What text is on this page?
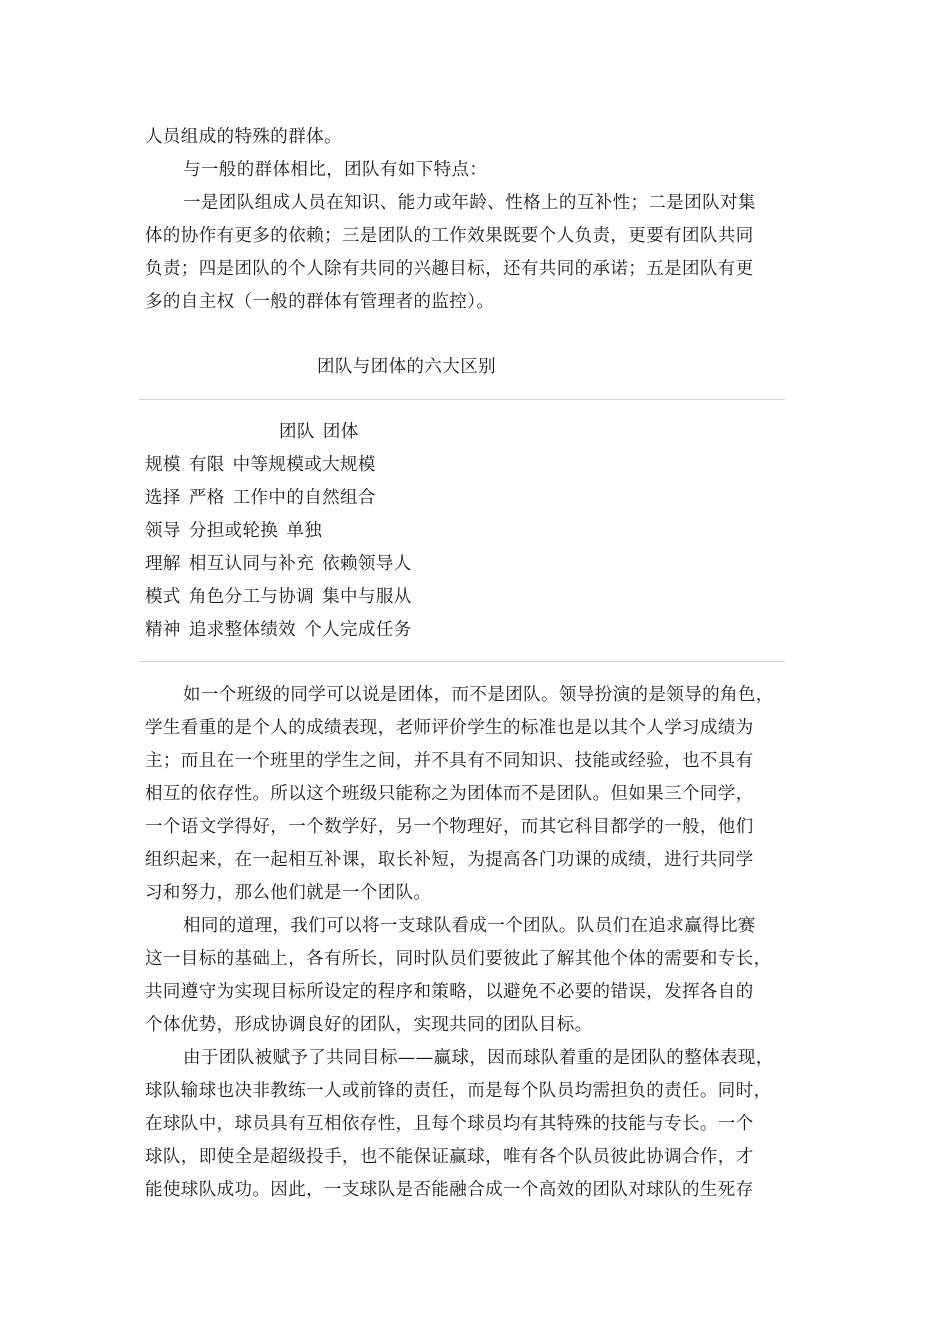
人员组成的特殊的群体。
与一般的群体相比，团队有如下特点：
一是团队组成人员在知识、能力或年龄、性格上的互补性；二是团队对集
体的协作有更多的依赖；三是团队的工作效果既要个人负责，更要有团队共同
负责；四是团队的个人除有共同的兴趣目标，还有共同的承诺；五是团队有更
多的自主权（一般的群体有管理者的监控）。
团队与团体的六大区别
团队 团体
规模 有限 中等规模或大规模
选择 严格 工作中的自然组合
领导 分担或轮换 单独
理解 相互认同与补充 依赖领导人
模式 角色分工与协调 集中与服从
精神 追求整体绩效 个人完成任务
如一个班级的同学可以说是团体，而不是团队。领导扮演的是领导的角色，
学生看重的是个人的成绩表现，老师评价学生的标准也是以其个人学习成绩为
主；而且在一个班里的学生之间，并不具有不同知识、技能或经验，也不具有
相互的依存性。所以这个班级只能称之为团体而不是团队。但如果三个同学，
一个语文学得好，一个数学好，另一个物理好，而其它科目都学的一般，他们
组织起来，在一起相互补课，取长补短，为提高各门功课的成绩，进行共同学
习和努力，那么他们就是一个团队。
相同的道理，我们可以将一支球队看成一个团队。队员们在追求赢得比赛
这一目标的基础上，各有所长，同时队员们要彼此了解其他个体的需要和专长，
共同遵守为实现目标所设定的程序和策略，以避免不必要的错误，发挥各自的
个体优势，形成协调良好的团队，实现共同的团队目标。
由于团队被赋予了共同目标——赢球，因而球队着重的是团队的整体表现，
球队输球也决非教练一人或前锋的责任，而是每个队员均需担负的责任。同时，
在球队中，球员具有互相依存性，且每个球员均有其特殊的技能与专长。一个
球队，即使全是超级投手，也不能保证赢球，唯有各个队员彼此协调合作，才
能使球队成功。因此，一支球队是否能融合成一个高效的团队对球队的生死存
